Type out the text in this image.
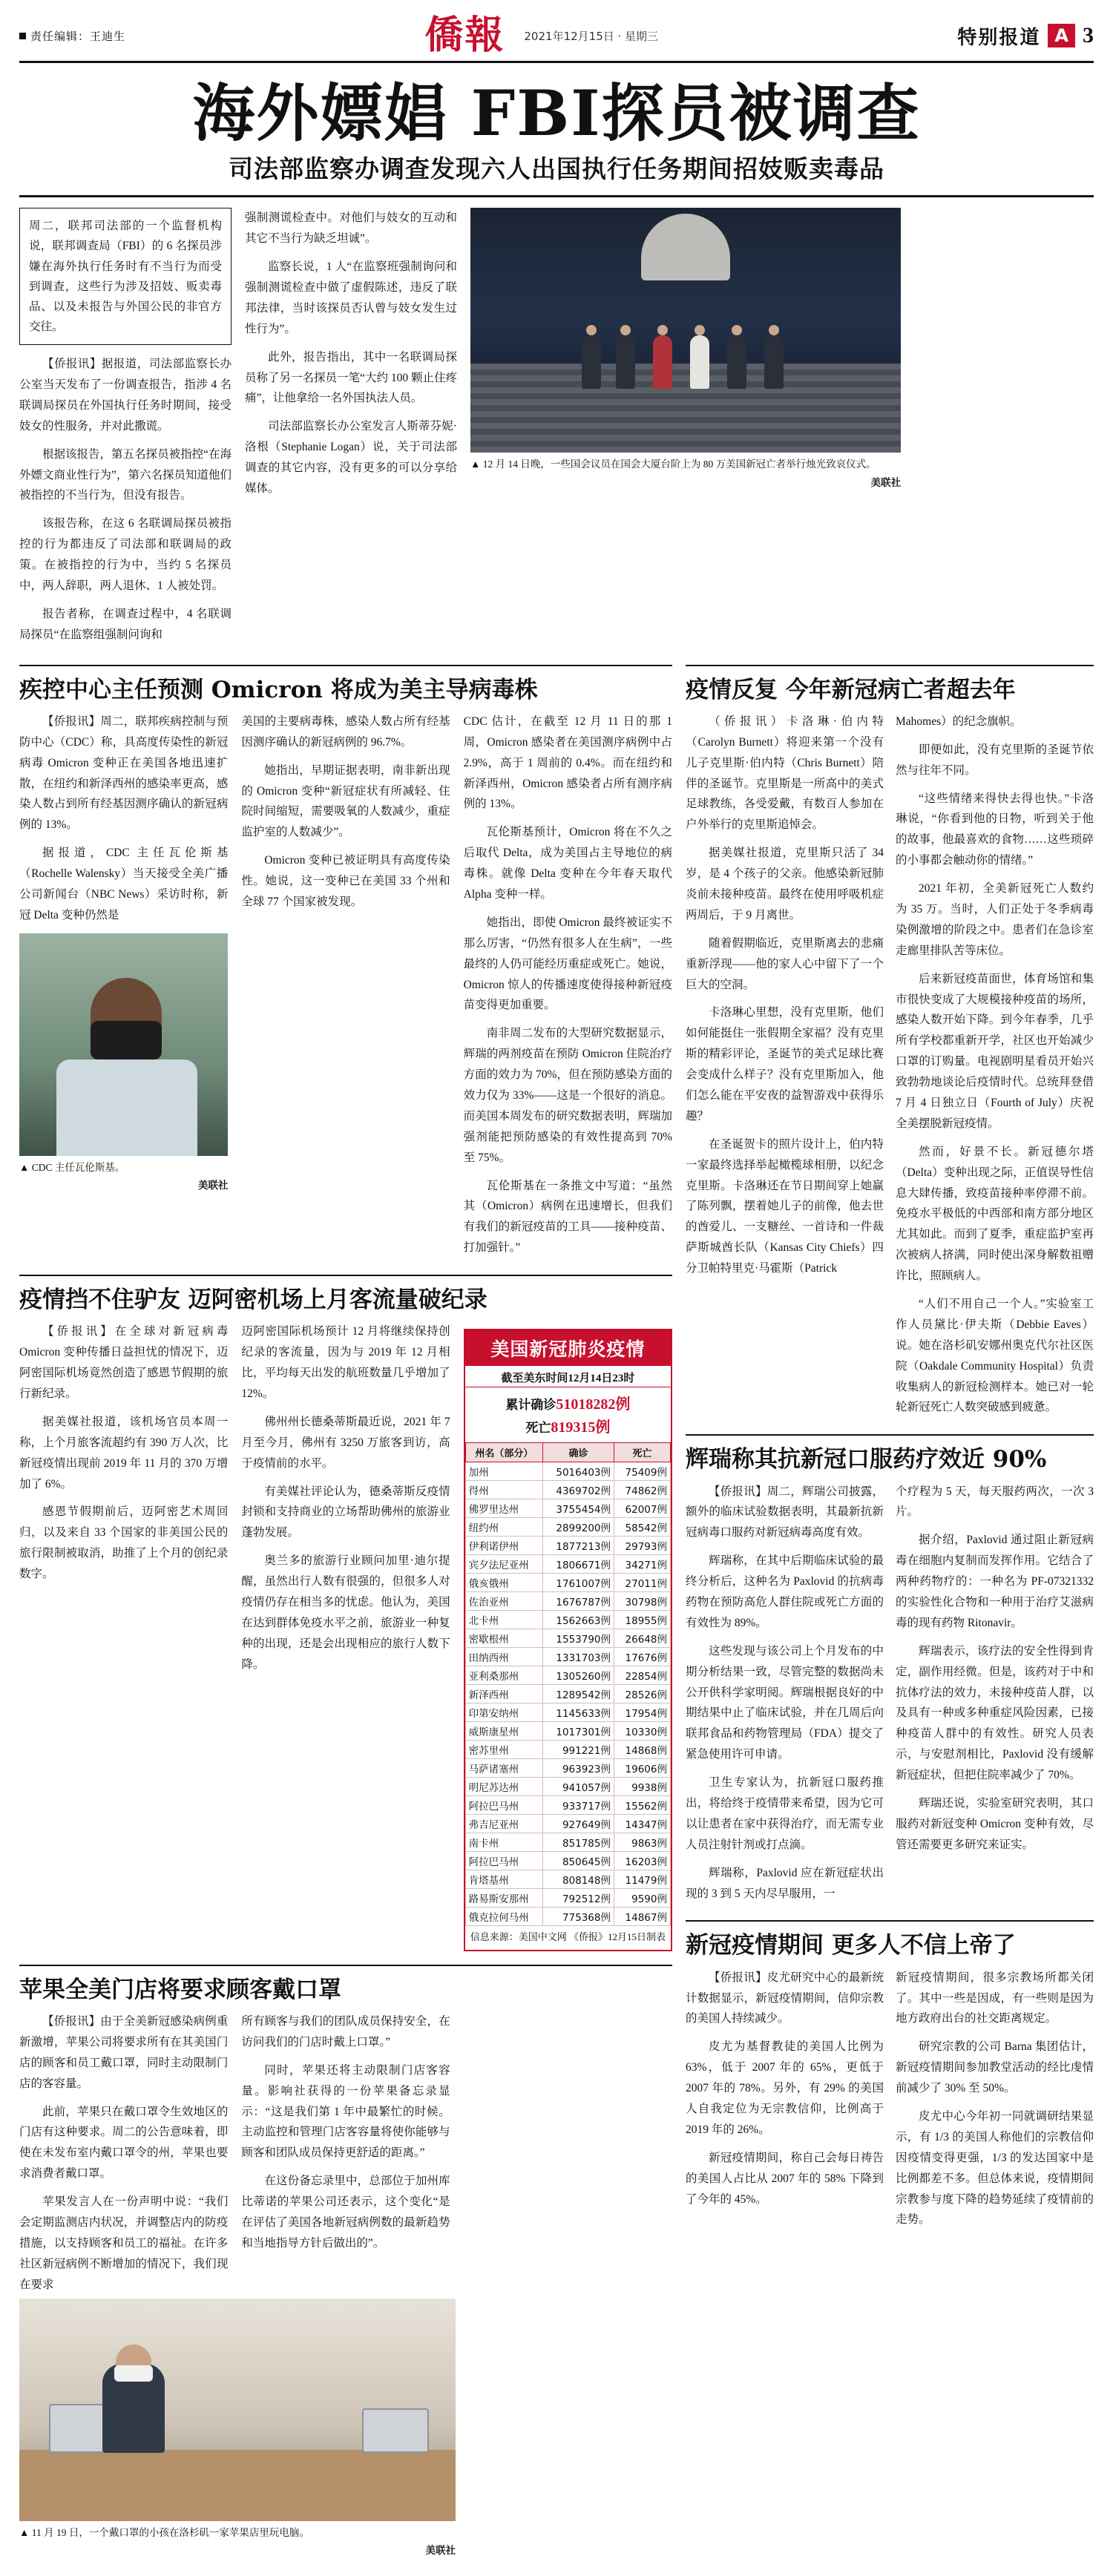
责任编辑：王迪生	僑報 2021年12月15日 · 星期三	特别报道 A 3
海外嫖娼 FBI探员被调查
司法部监察办调查发现六人出国执行任务期间招妓贩卖毒品
周二，联邦司法部的一个监督机构说，联邦调查局（FBI）的 6 名探员涉嫌在海外执行任务时有不当行为而受到调查，这些行为涉及招妓、贩卖毒品、以及未报告与外国公民的非官方交往。

【侨报讯】据报道，司法部监察长办公室当天发布了一份调查报告，指涉 4 名联调局探员在外国执行任务时期间，接受妓女的性服务，并对此撒谎。

根据该报告，第五名探员被指控“在海外嫖文商业性行为”，第六名探员知道他们被指控的不当行为，但没有报告。

该报告称，在这 6 名联调局探员被指控的行为都违反了司法部和联调局的政策。在被指控的行为中，当约 5 名探员中，两人辞职，两人退休、1 人被处罚。

报告者称，在调查过程中，4 名联调局探员“在监察组强制问询和

强制测谎检查中。对他们与妓女的互动和其它不当行为缺乏坦诚”。

监察长说，1 人“在监察班强制询问和强制测谎检查中做了虚假陈述，违反了联邦法律，当时该探员否认曾与妓女发生过性行为”。

此外，报告指出，其中一名联调局探员称了另一名探员一笔“大约 100 颗止住疼痛”，让他拿给一名外国执法人员。

司法部监察长办公室发言人斯蒂芬妮·洛根（Stephanie Logan）说，关于司法部调查的其它内容，没有更多的可以分享给媒体。

▲ 12 月 14 日晚，一些国会议员在国会大厦台阶上为 80 万美国新冠亡者举行烛光致哀仪式。
美联社
疾控中心主任预测 Omicron 将成为美主导病毒株

【侨报讯】周二，联邦疾病控制与预防中心（CDC）称，具高度传染性的新冠病毒 Omicron 变种正在美国各地迅速扩散，在纽约和新泽西州的感染率更高，感染人数占到所有经基因测序确认的新冠病例的 13%。

据报道，CDC 主任瓦伦斯基（Rochelle Walensky）当天接受全美广播公司新闻台（NBC News）采访时称，新冠 Delta 变种仍然是

▲ CDC 主任瓦伦斯基。
美联社

美国的主要病毒株，感染人数占所有经基因测序确认的新冠病例的 96.7%。

她指出，早期证据表明，南非新出现的 Omicron 变种“新冠症状有所减轻、住院时间缩短，需要吸氧的人数减少，重症监护室的人数减少”。

Omicron 变种已被证明具有高度传染性。她说，这一变种已在美国 33 个州和全球 77 个国家被发现。

CDC 估计，在截至 12 月 11 日的那 1 周，Omicron 感染者在美国测序病例中占 2.9%，高于 1 周前的 0.4%。而在纽约和新泽西州，Omicron 感染者占所有测序病例的 13%。

瓦伦斯基预计，Omicron 将在不久之后取代 Delta，成为美国占主导地位的病毒株。就像 Delta 变种在今年春天取代 Alpha 变种一样。

她指出，即使 Omicron 最终被证实不那么厉害，“仍然有很多人在生病”，一些最终的人仍可能经历重症或死亡。她说，Omicron 惊人的传播速度使得接种新冠疫苗变得更加重要。

南非周二发布的大型研究数据显示，辉瑞的两剂疫苗在预防 Omicron 住院治疗方面的效力为 70%，但在预防感染方面的效力仅为 33%——这是一个很好的消息。而美国本周发布的研究数据表明，辉瑞加强剂能把预防感染的有效性提高到 70% 至 75%。

瓦伦斯基在一条推文中写道：“虽然其（Omicron）病例在迅速增长，但我们有我们的新冠疫苗的工具——接种疫苗、打加强针。”

疫情挡不住驴友 迈阿密机场上月客流量破纪录

【侨报讯】在全球对新冠病毒 Omicron 变种传播日益担忧的情况下，迈阿密国际机场竟然创造了感恩节假期的旅行新纪录。

据美媒社报道，该机场官员本周一称，上个月旅客流超约有 390 万人次，比新冠疫情出现前 2019 年 11 月的 370 万增加了 6%。

感恩节假期前后，迈阿密艺术周回归，以及来自 33 个国家的非美国公民的旅行限制被取消，助推了上个月的创纪录数字。

迈阿密国际机场预计 12 月将继续保持创纪录的客流量，因为与 2019 年 12 月相比，平均每天出发的航班数量几乎增加了 12%。

佛州州长德桑蒂斯最近说，2021 年 7 月至今月，佛州有 3250 万旅客到访，高于疫情前的水平。

有美媒社评论认为，德桑蒂斯反疫情封锁和支持商业的立场帮助佛州的旅游业蓬勃发展。

奥兰多的旅游行业顾问加里·迪尔提醒，虽然出行人数有很强的，但很多人对疫情仍存在相当多的忧虑。他认为，美国在达到群体免疫水平之前，旅游业一种复种的出现，还是会出现相应的旅行人数下降。

美国新冠肺炎疫情
截至美东时间12月14日23时
累计确诊51018282例
死亡819315例
州名（部分）	确诊	死亡
加州	5016403例	75409例
得州	4369702例	74862例
佛罗里达州	3755454例	62007例
纽约州	2899200例	58542例
伊利诺伊州	1877213例	29793例
宾夕法尼亚州	1806671例	34271例
俄亥俄州	1761007例	27011例
佐治亚州	1676787例	30798例
北卡州	1562663例	18955例
密歇根州	1553790例	26648例
田纳西州	1331703例	17676例
亚利桑那州	1305260例	22854例
新泽西州	1289542例	28526例
印第安纳州	1145633例	17954例
威斯康星州	1017301例	10330例
密苏里州	991221例	14868例
马萨诸塞州	963923例	19606例
明尼苏达州	941057例	9938例
阿拉巴马州	933717例	15562例
弗吉尼亚州	927649例	14347例
南卡州	851785例	9863例
阿拉巴马州	850645例	16203例
肯塔基州	808148例	11479例
路易斯安那州	792512例	9590例
俄克拉何马州	775368例	14867例
信息来源：美国中文网 《侨报》12月15日制表
苹果全美门店将要求顾客戴口罩

【侨报讯】由于全美新冠感染病例重新激增，苹果公司将要求所有在其美国门店的顾客和员工戴口罩，同时主动限制门店的客容量。

此前，苹果只在戴口罩令生效地区的门店有这种要求。周二的公告意味着，即使在未发布室内戴口罩令的州，苹果也要求消费者戴口罩。

苹果发言人在一份声明中说：“我们会定期监测店内状况，并调整店内的防疫措施，以支持顾客和员工的福祉。在许多社区新冠病例不断增加的情况下，我们现在要求

所有顾客与我们的团队成员保持安全，在访问我们的门店时戴上口罩。”

同时，苹果还将主动限制门店客容量。影响社获得的一份苹果备忘录显示：“这是我们第 1 年中最繁忙的时候。主动监控和管理门店客容量将使你能够与顾客和团队成员保持更舒适的距离。”

在这份备忘录里中，总部位于加州库比蒂诺的苹果公司还表示，这个变化“是在评估了美国各地新冠病例数的最新趋势和当地指导方针后做出的”。

疫情反复 今年新冠病亡者超去年

（侨报讯）卡洛琳·伯内特（Carolyn Burnett）将迎来第一个没有儿子克里斯·伯内特（Chris Burnett）陪伴的圣诞节。克里斯是一所高中的美式足球教练，各受爱戴，有数百人参加在户外举行的克里斯追悼会。

据美媒社报道，克里斯只活了 34 岁，是 4 个孩子的父亲。他感染新冠肺炎前未接种疫苗。最终在使用呼吸机症两周后，于 9 月离世。

随着假期临近，克里斯离去的悲痛重新浮现——他的家人心中留下了一个巨大的空洞。

卡洛琳心里想，没有克里斯，他们如何能挺住一张假期全家福？没有克里斯的精彩评论，圣诞节的美式足球比赛会变成什么样子？没有克里斯加入，他们怎么能在平安夜的益智游戏中获得乐趣？

在圣诞贺卡的照片设计上，伯内特一家最终选择举起橄榄球相册，以纪念克里斯。卡洛琳还在节日期间穿上她赢了陈列飘，摆着她儿子的前像，他去世的酋爱儿、一支糖丝、一首诗和一件裁萨斯城酋长队（Kansas City Chiefs）四分卫帕特里克·马霍斯（Patrick

Mahomes）的纪念旗帜。

即便如此，没有克里斯的圣诞节依然与往年不同。

“这些情绪来得快去得也快。”卡洛琳说，“你看到他的日物，听到关于他的故事，他最喜欢的食物……这些琐碎的小事都会触动你的情绪。”

2021 年初，全美新冠死亡人数约为 35 万。当时，人们正处于冬季病毒染例激增的阶段之中。患者们在急诊室走廊里排队苦等床位。

后来新冠疫苗面世，体育场馆和集市很快变成了大规模接种疫苗的场所，感染人数开始下降。到今年春季，几乎所有学校都重新开学，社区也开始减少口罩的订购量。电视剧明星看员开始兴致勃勃地谈论后疫情时代。总统拜登借 7 月 4 日独立日（Fourth of July）庆祝全美摆脱新冠疫情。

然而，好景不长。新冠德尔塔（Delta）变种出现之际，正值误导性信息大肆传播，致疫苗接种率停滞不前。免疫水平极低的中西部和南方部分地区尤其如此。而到了夏季，重症监护室再次被病人挤满，同时使出深身解数祖赠许比，照顾病人。

“人们不用自己一个人。”实验室工作人员黛比·伊夫斯（Debbie Eaves）说。她在洛杉矶安娜州奥克代尔社区医院（Oakdale Community Hospital）负责收集病人的新冠检测样本。她已对一轮轮新冠死亡人数突破感到疲惫。

辉瑞称其抗新冠口服药疗效近 90%

【侨报讯】周二，辉瑞公司披露，额外的临床试验数据表明，其最新抗新冠病毒口服药对新冠病毒高度有效。

辉瑞称，在其中后期临床试验的最终分析后，这种名为 Paxlovid 的抗病毒药物在预防高危人群住院或死亡方面的有效性为 89%。

这些发现与该公司上个月发布的中期分析结果一致，尽管完整的数据尚未公开供科学家明阅。辉瑞根据良好的中期结果中止了临床试验，并在几周后向联邦食品和药物管理局（FDA）提交了紧急使用许可申请。

卫生专家认为，抗新冠口服药推出，将给终于疫情带来希望，因为它可以让患者在家中获得治疗，而无需专业人员注射针剂或打点滴。

辉瑞称，Paxlovid 应在新冠症状出现的 3 到 5 天内尽早服用，一

个疗程为 5 天，每天服药两次，一次 3 片。

据介绍，Paxlovid 通过阻止新冠病毒在细胞内复制而发挥作用。它结合了两种药物疗的：一种名为 PF-07321332 的实验性化合物和一种用于治疗艾滋病毒的现有药物 Ritonavir。

辉瑞表示，该疗法的安全性得到肯定，副作用经微。但是，该药对于中和抗体疗法的效力，未接种疫苗人群，以及具有一种或多种重症风险因素，已接种疫苗人群中的有效性。研究人员表示，与安慰剂相比，Paxlovid 没有缓解新冠症状，但把住院率减少了 70%。

辉瑞还说，实验室研究表明，其口服药对新冠变种 Omicron 变种有效，尽管还需要更多研究来证实。

新冠疫情期间 更多人不信上帝了

【侨报讯】皮尤研究中心的最新统计数据显示，新冠疫情期间，信仰宗教的美国人持续减少。

皮尤为基督教徒的美国人比例为 63%，低于 2007 年的 65%，更低于 2007 年的 78%。另外，有 29% 的美国人自我定位为无宗教信仰，比例高于 2019 年的 26%。

新冠疫情期间，称自己会每日祷告的美国人占比从 2007 年的 58% 下降到了今年的 45%。

新冠疫情期间，很多宗教场所都关闭了。其中一些是因成，有一些则是因为地方政府出台的社交距离规定。

研究宗教的公司 Barna 集团估计，新冠疫情期间参加教堂活动的经比虔情前减少了 30% 至 50%。

皮尤中心今年初一同就调研结果显示，有 1/3 的美国人称他们的宗教信仰因疫情变得更强，1/3 的发达国家中是比例都差不多。但总体来说，疫情期间宗教参与度下降的趋势延续了疫情前的走势。

▲ 11 月 19 日，一个戴口罩的小孩在洛杉矶一家苹果店里玩电脑。
美联社
